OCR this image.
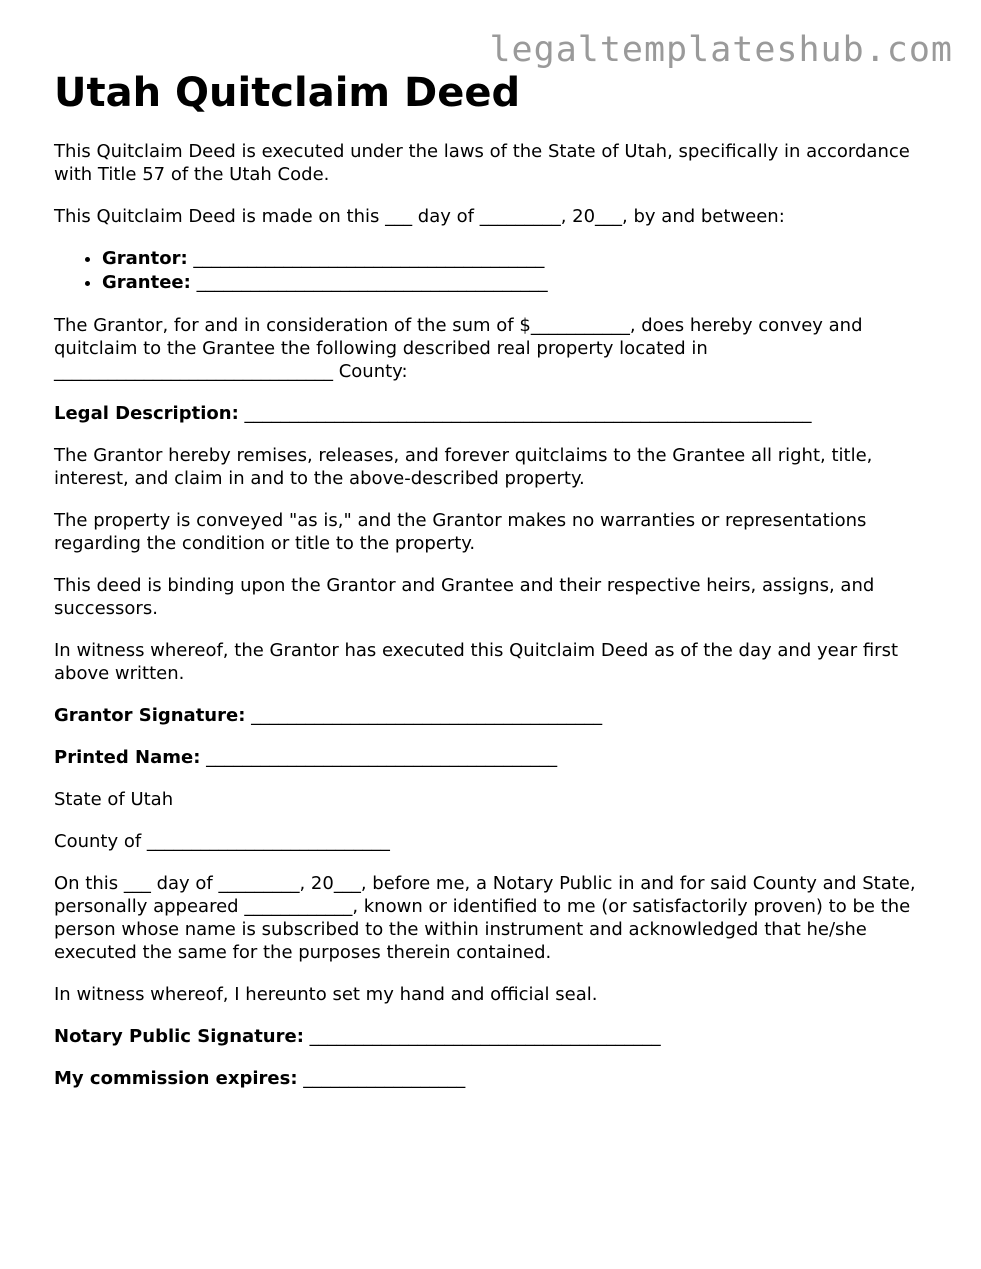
legaltemplateshub.com
Utah Quitclaim Deed

This Quitclaim Deed is executed under the laws of the State of Utah, specifically in accordance with Title 57 of the Utah Code.

This Quitclaim Deed is made on this ___ day of _________, 20___, by and between:

• Grantor: _______________________________________
• Grantee: _______________________________________

The Grantor, for and in consideration of the sum of $___________, does hereby convey and quitclaim to the Grantee the following described real property located in _______________________________ County:

Legal Description: _______________________________________________________________

The Grantor hereby remises, releases, and forever quitclaims to the Grantee all right, title, interest, and claim in and to the above-described property.

The property is conveyed "as is," and the Grantor makes no warranties or representations regarding the condition or title to the property.

This deed is binding upon the Grantor and Grantee and their respective heirs, assigns, and successors.

In witness whereof, the Grantor has executed this Quitclaim Deed as of the day and year first above written.

Grantor Signature: _______________________________________

Printed Name: _______________________________________

State of Utah

County of ___________________________

On this ___ day of _________, 20___, before me, a Notary Public in and for said County and State, personally appeared ____________, known or identified to me (or satisfactorily proven) to be the person whose name is subscribed to the within instrument and acknowledged that he/she executed the same for the purposes therein contained.

In witness whereof, I hereunto set my hand and official seal.

Notary Public Signature: _______________________________________

My commission expires: __________________
